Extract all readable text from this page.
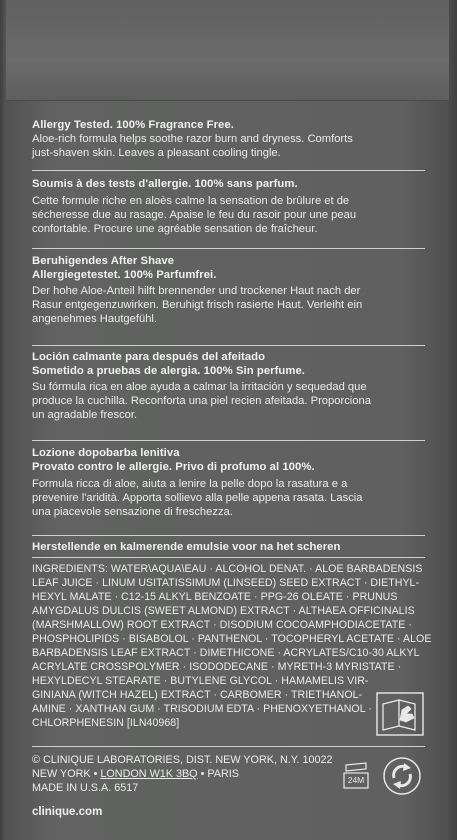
Allergy Tested. 100% Fragrance Free.
Aloe-rich formula helps soothe razor burn and dryness. Comforts
just-shaven skin. Leaves a pleasant cooling tingle.
Soumis à des tests d'allergie. 100% sans parfum.
Cette formule riche en aloès calme la sensation de brûlure et de
sécheresse due au rasage. Apaise le feu du rasoir pour une peau
confortable. Procure une agréable sensation de fraîcheur.
Beruhigendes After Shave
Allergiegetestet. 100% Parfumfrei.
Der hohe Aloe-Anteil hilft brennender und trockener Haut nach der
Rasur entgegenzuwirken. Beruhigt frisch rasierte Haut. Verleiht ein
angenehmes Hautgefühl.
Loción calmante para después del afeitado
Sometido a pruebas de alergia. 100% Sin perfume.
Su fórmula rica en aloe ayuda a calmar la irritación y sequedad que
produce la cuchilla. Reconforta una piel recien afeitada. Proporciona
un agradable frescor.
Lozione dopobarba lenitiva
Provato contro le allergie. Privo di profumo al 100%.
Formula ricca di aloe, aiuta a lenire la pelle dopo la rasatura e a
prevenire l'aridità. Apporta sollievo alla pelle appena rasata. Lascia
una piacevole sensazione di freschezza.
Herstellende en kalmerende emulsie voor na het scheren
INGREDIENTS: WATER\AQUA\EAU · ALCOHOL DENAT. · ALOE BARBADENSIS
LEAF JUICE · LINUM USITATISSIMUM (LINSEED) SEED EXTRACT · DIETHYL-
HEXYL MALATE · C12-15 ALKYL BENZOATE · PPG-26 OLEATE · PRUNUS
AMYGDALUS DULCIS (SWEET ALMOND) EXTRACT · ALTHAEA OFFICINALIS
(MARSHMALLOW) ROOT EXTRACT · DISODIUM COCOAMPHODIACETATE ·
PHOSPHOLIPIDS · BISABOLOL · PANTHENOL · TOCOPHERYL ACETATE · ALOE
BARBADENSIS LEAF EXTRACT · DIMETHICONE · ACRYLATES/C10-30 ALKYL
ACRYLATE CROSSPOLYMER · ISODODECANE · MYRETH-3 MYRISTATE ·
HEXYLDECYL STEARATE · BUTYLENE GLYCOL · HAMAMELIS VIR-
GINIANA (WITCH HAZEL) EXTRACT · CARBOMER · TRIETHANOL-
AMINE · XANTHAN GUM · TRISODIUM EDTA · PHENOXYETHANOL ·
CHLORPHENESIN [ILN40968]
© CLINIQUE LABORATORIES, DIST. NEW YORK, N.Y. 10022
NEW YORK • LONDON W1K 3BQ • PARIS
MADE IN U.S.A. 6517
24M
clinique.com
